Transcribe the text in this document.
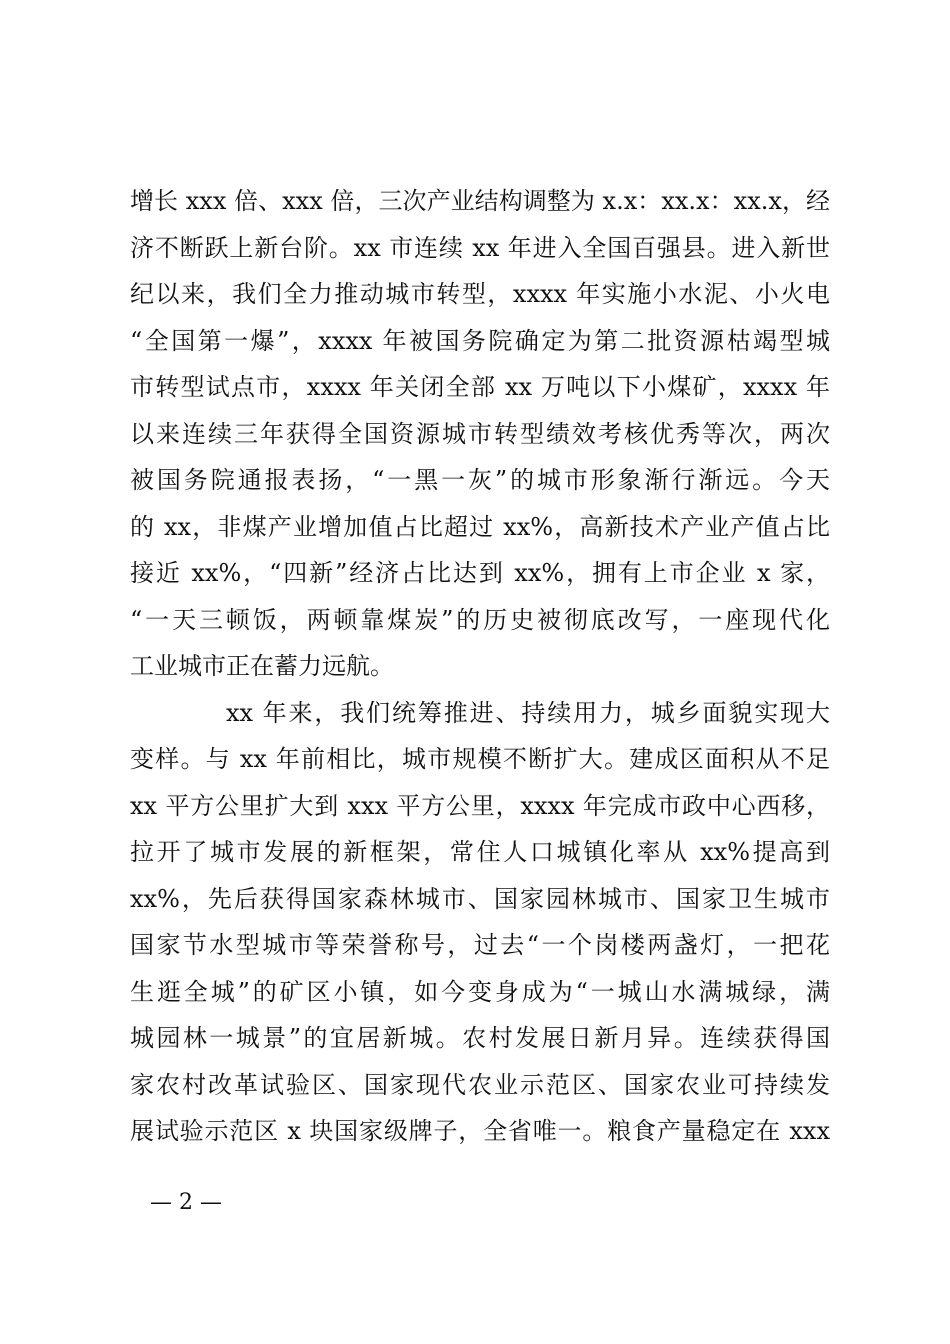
增长 xxx 倍、xxx 倍，三次产业结构调整为 x.x：xx.x：xx.x，经
济不断跃上新台阶。xx 市连续 xx 年进入全国百强县。进入新世
纪以来，我们全力推动城市转型，xxxx 年实施小水泥、小火电
“全国第一爆”，xxxx 年被国务院确定为第二批资源枯竭型城
市转型试点市，xxxx 年关闭全部 xx 万吨以下小煤矿，xxxx 年
以来连续三年获得全国资源城市转型绩效考核优秀等次，两次
被国务院通报表扬，“一黑一灰”的城市形象渐行渐远。今天
的 xx，非煤产业增加值占比超过 xx%，高新技术产业产值占比
接近 xx%，“四新”经济占比达到 xx%，拥有上市企业 x 家，
“一天三顿饭，两顿靠煤炭”的历史被彻底改写，一座现代化
工业城市正在蓄力远航。
xx 年来，我们统筹推进、持续用力，城乡面貌实现大
变样。与 xx 年前相比，城市规模不断扩大。建成区面积从不足
xx 平方公里扩大到 xxx 平方公里，xxxx 年完成市政中心西移，
拉开了城市发展的新框架，常住人口城镇化率从 xx%提高到
xx%，先后获得国家森林城市、国家园林城市、国家卫生城市
国家节水型城市等荣誉称号，过去“一个岗楼两盏灯，一把花
生逛全城”的矿区小镇，如今变身成为“一城山水满城绿，满
城园林一城景”的宜居新城。农村发展日新月异。连续获得国
家农村改革试验区、国家现代农业示范区、国家农业可持续发
展试验示范区 x 块国家级牌子，全省唯一。粮食产量稳定在 xxx
— 2 —
